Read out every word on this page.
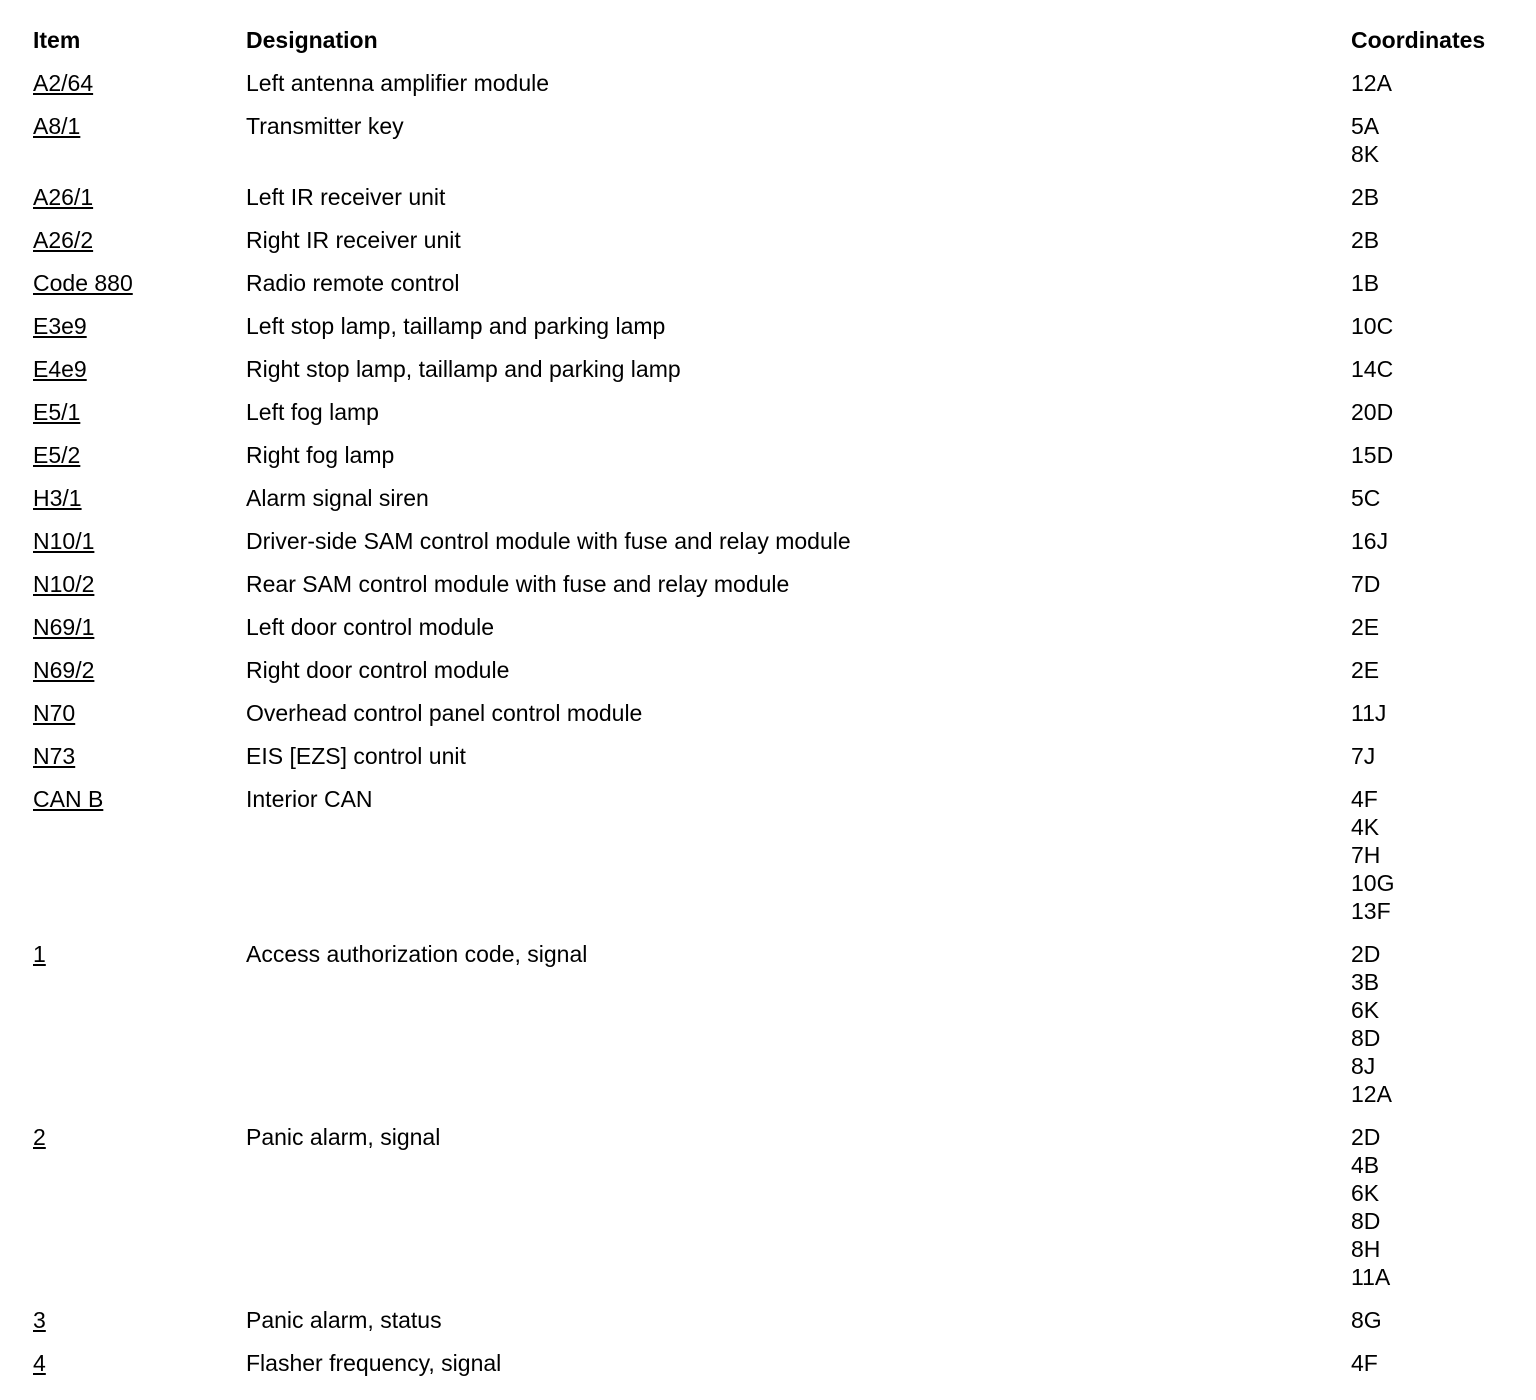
Item	Designation	Coordinates
A2/64	Left antenna amplifier module	12A
A8/1	Transmitter key	5A
8K
A26/1	Left IR receiver unit	2B
A26/2	Right IR receiver unit	2B
Code 880	Radio remote control	1B
E3e9	Left stop lamp, taillamp and parking lamp	10C
E4e9	Right stop lamp, taillamp and parking lamp	14C
E5/1	Left fog lamp	20D
E5/2	Right fog lamp	15D
H3/1	Alarm signal siren	5C
N10/1	Driver-side SAM control module with fuse and relay module	16J
N10/2	Rear SAM control module with fuse and relay module	7D
N69/1	Left door control module	2E
N69/2	Right door control module	2E
N70	Overhead control panel control module	11J
N73	EIS [EZS] control unit	7J
CAN B	Interior CAN	4F
4K
7H
10G
13F
1	Access authorization code, signal	2D
3B
6K
8D
8J
12A
2	Panic alarm, signal	2D
4B
6K
8D
8H
11A
3	Panic alarm, status	8G
4	Flasher frequency, signal	4F
